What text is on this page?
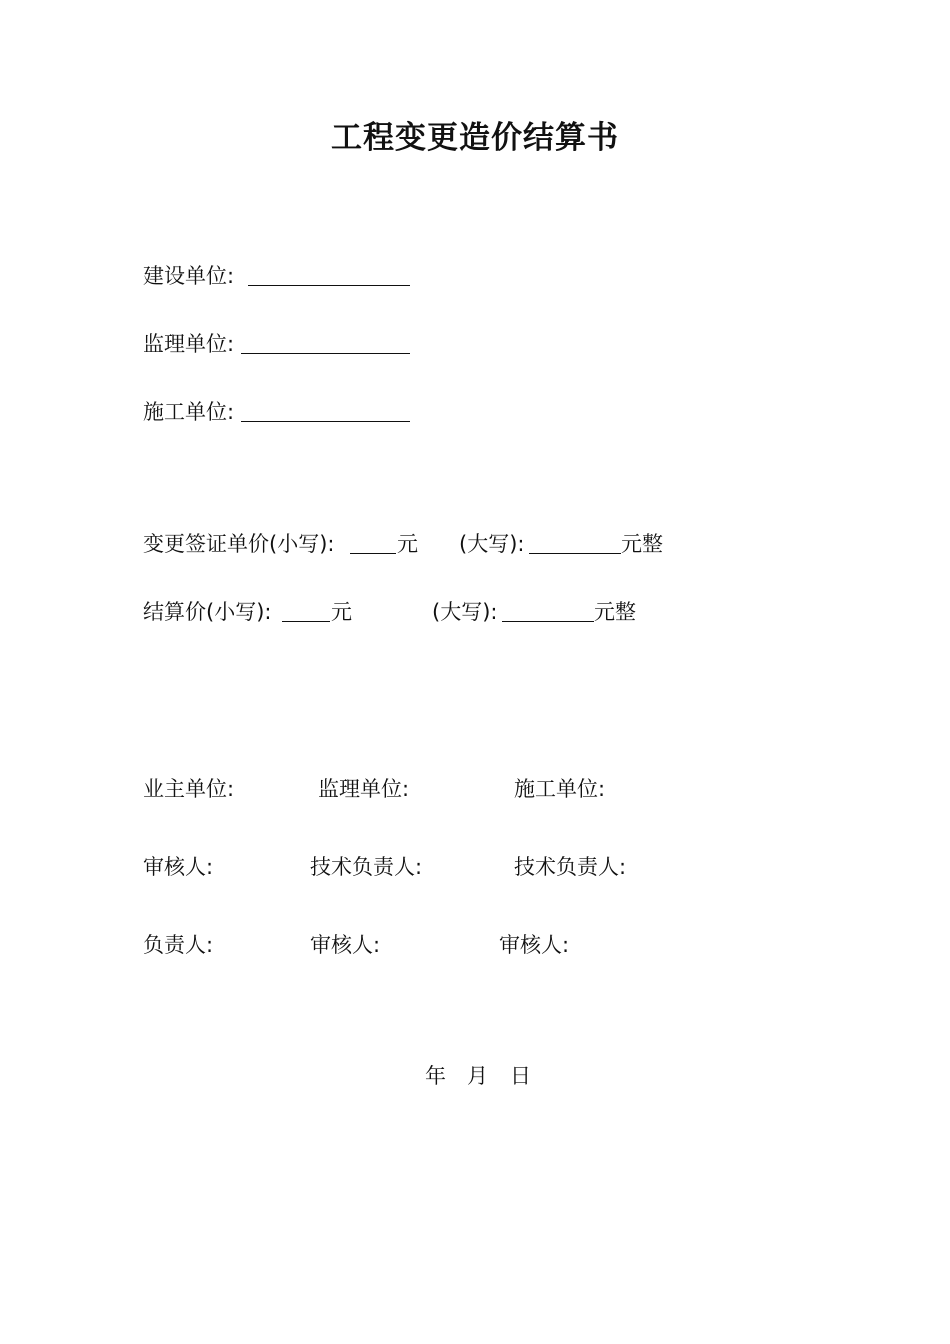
工程变更造价结算书
建设单位:
监理单位:
施工单位:
变更签证单价(小写):	元 (大写):	元整
结算价(小写):	元	(大写):	元整
业主单位:	监理单位:	施工单位:
审核人:	技术负责人:	技术负责人:
负责人:	审核人:	审核人:
年 月 日
